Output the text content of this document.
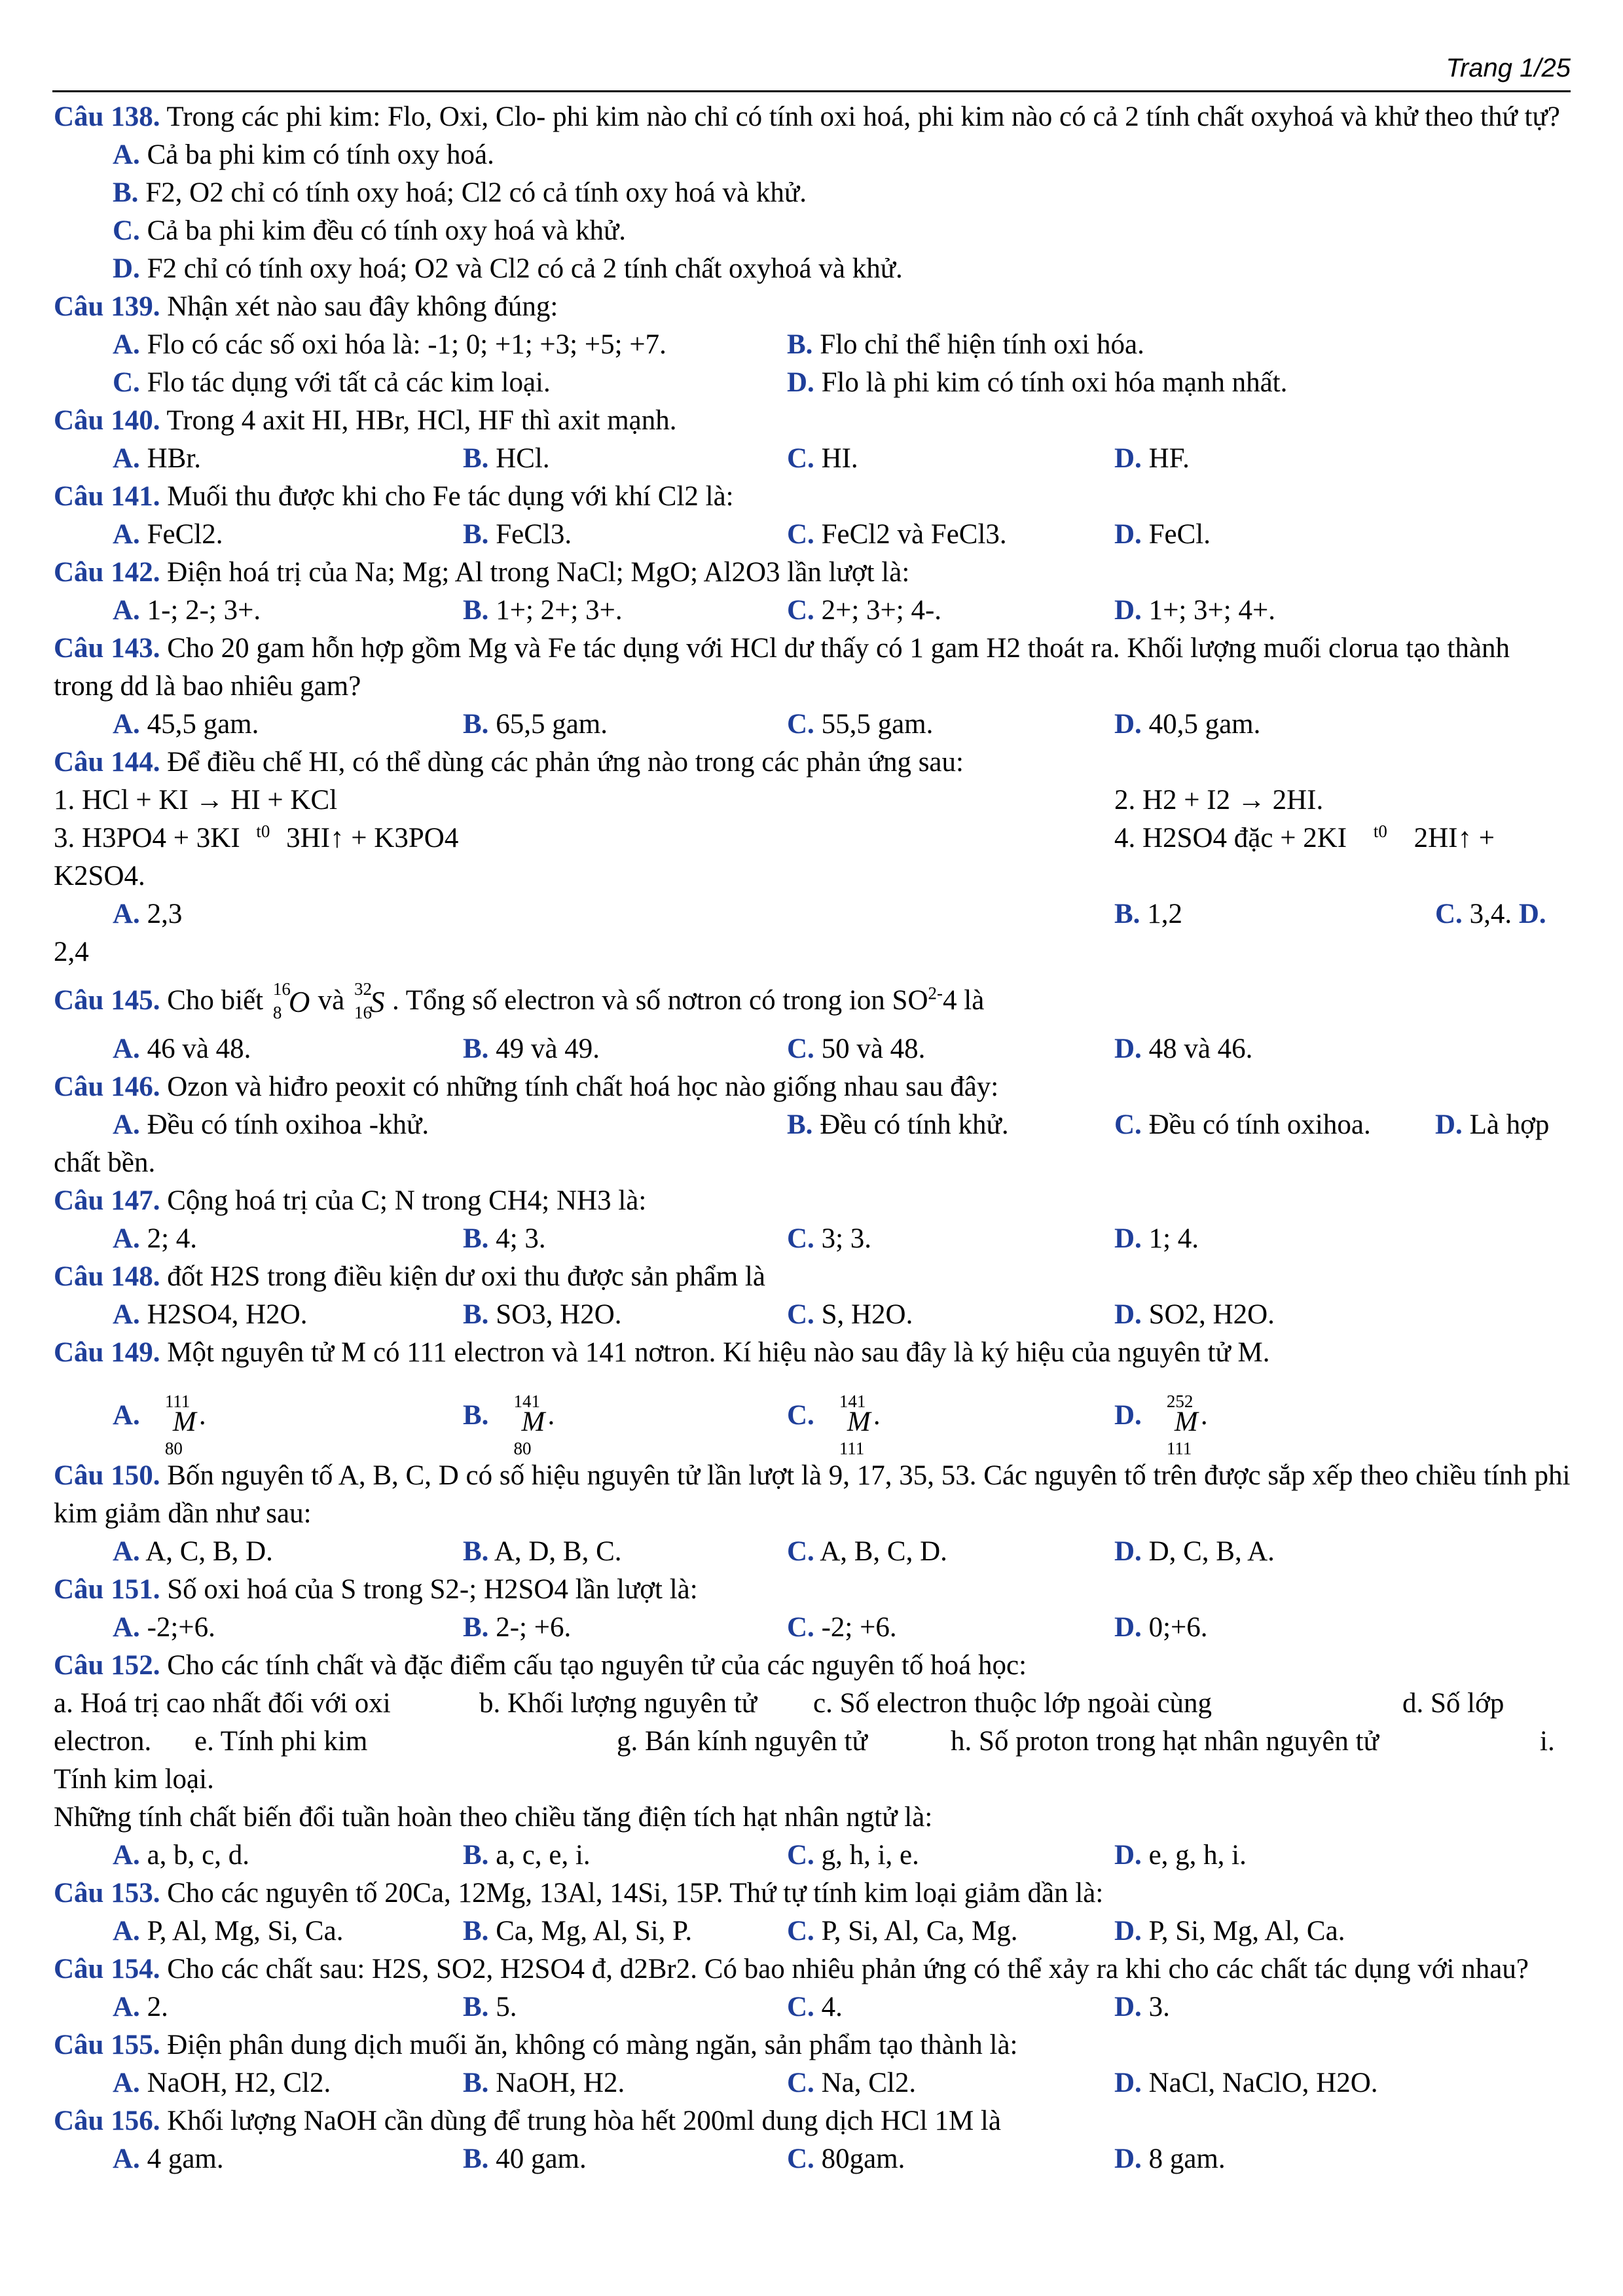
Trang 1/25
Câu 138. Trong các phi kim: Flo, Oxi, Clo- phi kim nào chỉ có tính oxi hoá, phi kim nào có cả 2 tính chất oxyhoá và khử theo thứ tự?
A. Cả ba phi kim có tính oxy hoá.
B. F2, O2 chỉ có tính oxy hoá; Cl2 có cả tính oxy hoá và khử.
C. Cả ba phi kim đều có tính oxy hoá và khử.
D. F2 chỉ có tính oxy hoá; O2 và Cl2 có cả 2 tính chất oxyhoá và khử.
Câu 139. Nhận xét nào sau đây không đúng:
A. Flo có các số oxi hóa là: -1; 0; +1; +3; +5; +7.	B. Flo chỉ thể hiện tính oxi hóa.
C. Flo tác dụng với tất cả các kim loại.	D. Flo là phi kim có tính oxi hóa mạnh nhất.
Câu 140. Trong 4 axit HI, HBr, HCl, HF thì axit mạnh.
A. HBr.	B. HCl.	C. HI.	D. HF.
Câu 141. Muối thu được khi cho Fe tác dụng với khí Cl2 là:
A. FeCl2.	B. FeCl3.	C. FeCl2 và FeCl3.	D. FeCl.
Câu 142. Điện hoá trị của Na; Mg; Al trong NaCl; MgO; Al2O3 lần lượt là:
A. 1-; 2-; 3+.	B. 1+; 2+; 3+.	C. 2+; 3+; 4-.	D. 1+; 3+; 4+.
Câu 143. Cho 20 gam hỗn hợp gồm Mg và Fe tác dụng với HCl dư thấy có 1 gam H2 thoát ra. Khối lượng muối clorua tạo thành trong dd là bao nhiêu gam?
A. 45,5 gam.	B. 65,5 gam.	C. 55,5 gam.	D. 40,5 gam.
Câu 144. Để điều chế HI, có thể dùng các phản ứng nào trong các phản ứng sau:
1. HCl + KI → HI + KCl	2. H2 + I2 → 2HI.
3. H3PO4 + 3KI $^{t0}$ 3HI↑ + K3PO4	4. H2SO4 đặc + 2KI $^{t0}$ 2HI↑ +
K2SO4.
A. 2,3	B. 1,2	C. 3,4. D.
2,4
Câu 145. Cho biết 16
8 O và 32
16
S . Tổng số electron và số nơtron có trong ion $SO^{2-}4$ là
A. 46 và 48.	B. 49 và 49.	C. 50 và 48.	D. 48 và 46.
Câu 146. Ozon và hiđro peoxit có những tính chất hoá học nào giống nhau sau đây:
A. Đều có tính oxihoa -khử.	B. Đều có tính khử.	C. Đều có tính oxihoa. D. Là hợp
chất bền.
Câu 147. Cộng hoá trị của C; N trong CH4; NH3 là:
A. 2; 4.	B. 4; 3.	C. 3; 3.	D. 1; 4.
Câu 148. đốt H2S trong điều kiện dư oxi thu được sản phẩm là
A. H2SO4, H2O.	B. SO3, H2O.	C. S, H2O.	D. SO2, H2O.
Câu 149. Một nguyên tử M có 111 electron và 141 nơtron. Kí hiệu nào sau đây là ký hiệu của nguyên tử M.
A. 111
M
80
.	B. 141
M
80
.	C. 141
M
111
.	D. 252
M
111
.
Câu 150. Bốn nguyên tố A, B, C, D có số hiệu nguyên tử lần lượt là 9, 17, 35, 53. Các nguyên tố trên được sắp xếp theo chiều tính phi kim giảm dần như sau:
A. A, C, B, D.	B. A, D, B, C.	C. A, B, C, D.	D. D, C, B, A.
Câu 151. Số oxi hoá của S trong S2-; H2SO4 lần lượt là:
A. -2;+6.	B. 2-; +6.	C. -2; +6.	D. 0;+6.
Câu 152. Cho các tính chất và đặc điểm cấu tạo nguyên tử của các nguyên tố hoá học:
a. Hoá trị cao nhất đối với oxi	b. Khối lượng nguyên tử c. Số electron thuộc lớp ngoài cùng	d. Số lớp
electron. e. Tính phi kim	g. Bán kính nguyên tử	h. Số proton trong hạt nhân nguyên tử	i.
Tính kim loại.
Những tính chất biến đổi tuần hoàn theo chiều tăng điện tích hạt nhân ngtử là:
A. a, b, c, d.	B. a, c, e, i.	C. g, h, i, e.	D. e, g, h, i.
Câu 153. Cho các nguyên tố 20Ca, 12Mg, 13Al, 14Si, 15P. Thứ tự tính kim loại giảm dần là:
A. P, Al, Mg, Si, Ca.	B. Ca, Mg, Al, Si, P.	C. P, Si, Al, Ca, Mg.	D. P, Si, Mg, Al, Ca.
Câu 154. Cho các chất sau: H2S, SO2, H2SO4 đ, d2Br2. Có bao nhiêu phản ứng có thể xảy ra khi cho các chất tác dụng với nhau?
A. 2.	B. 5.	C. 4.	D. 3.
Câu 155. Điện phân dung dịch muối ăn, không có màng ngăn, sản phẩm tạo thành là:
A. NaOH, H2, Cl2.	B. NaOH, H2.	C. Na, Cl2.	D. NaCl, NaClO, H2O.
Câu 156. Khối lượng NaOH cần dùng để trung hòa hết 200ml dung dịch HCl 1M là
A. 4 gam.	B. 40 gam.	C. 80gam.	D. 8 gam.
